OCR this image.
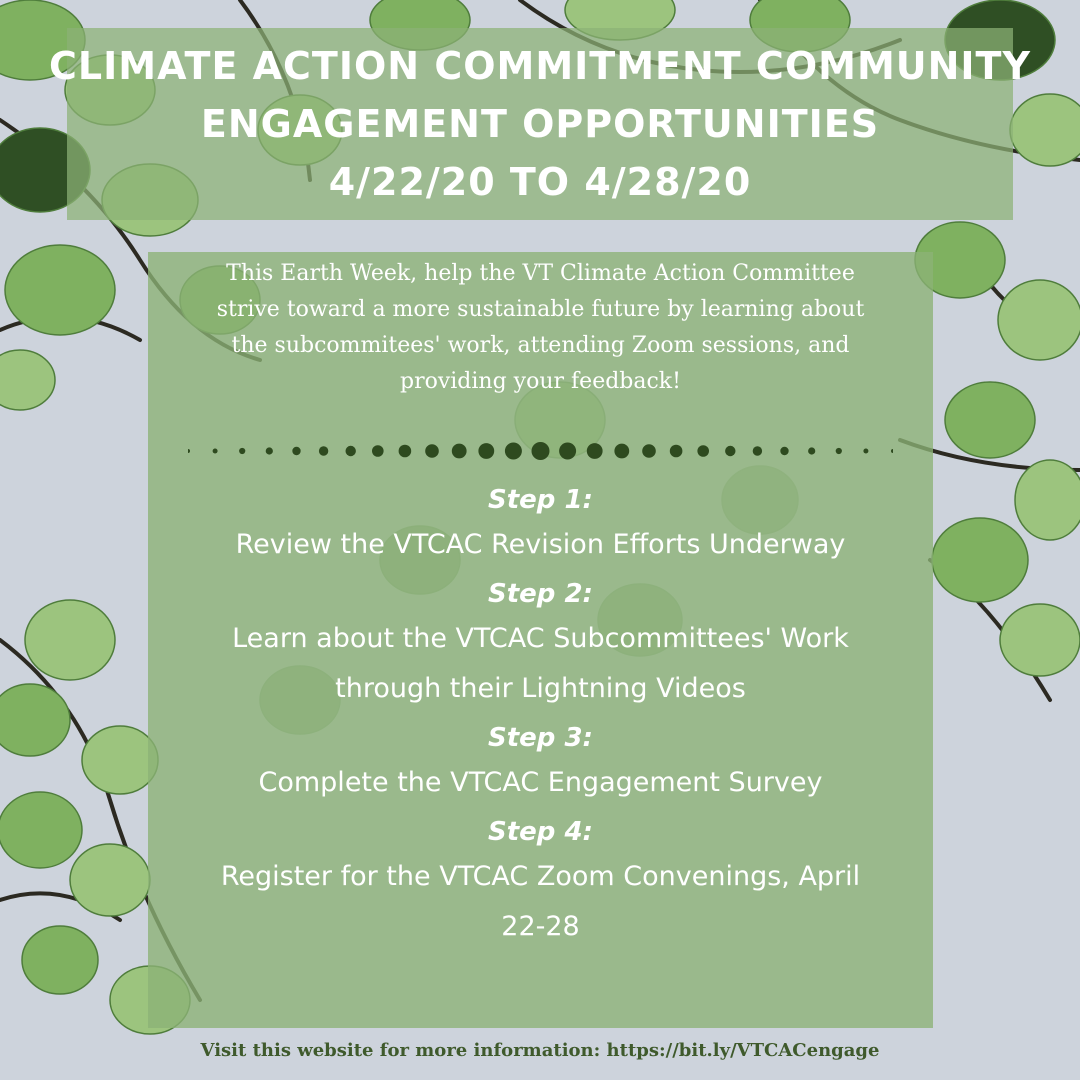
CLIMATE ACTION COMMITMENT COMMUNITY
ENGAGEMENT OPPORTUNITIES
4/22/20 TO 4/28/20
This Earth Week, help the VT Climate Action Committee
strive toward a more sustainable future by learning about
the subcommitees' work, attending Zoom sessions, and
providing your feedback!
Step 1:
Review the VTCAC Revision Efforts Underway
Step 2:
Learn about the VTCAC Subcommittees' Work
through their Lightning Videos
Step 3:
Complete the VTCAC Engagement Survey
Step 4:
Register for the VTCAC Zoom Convenings, April
22-28
Visit this website for more information: https://bit.ly/VTCACengage
